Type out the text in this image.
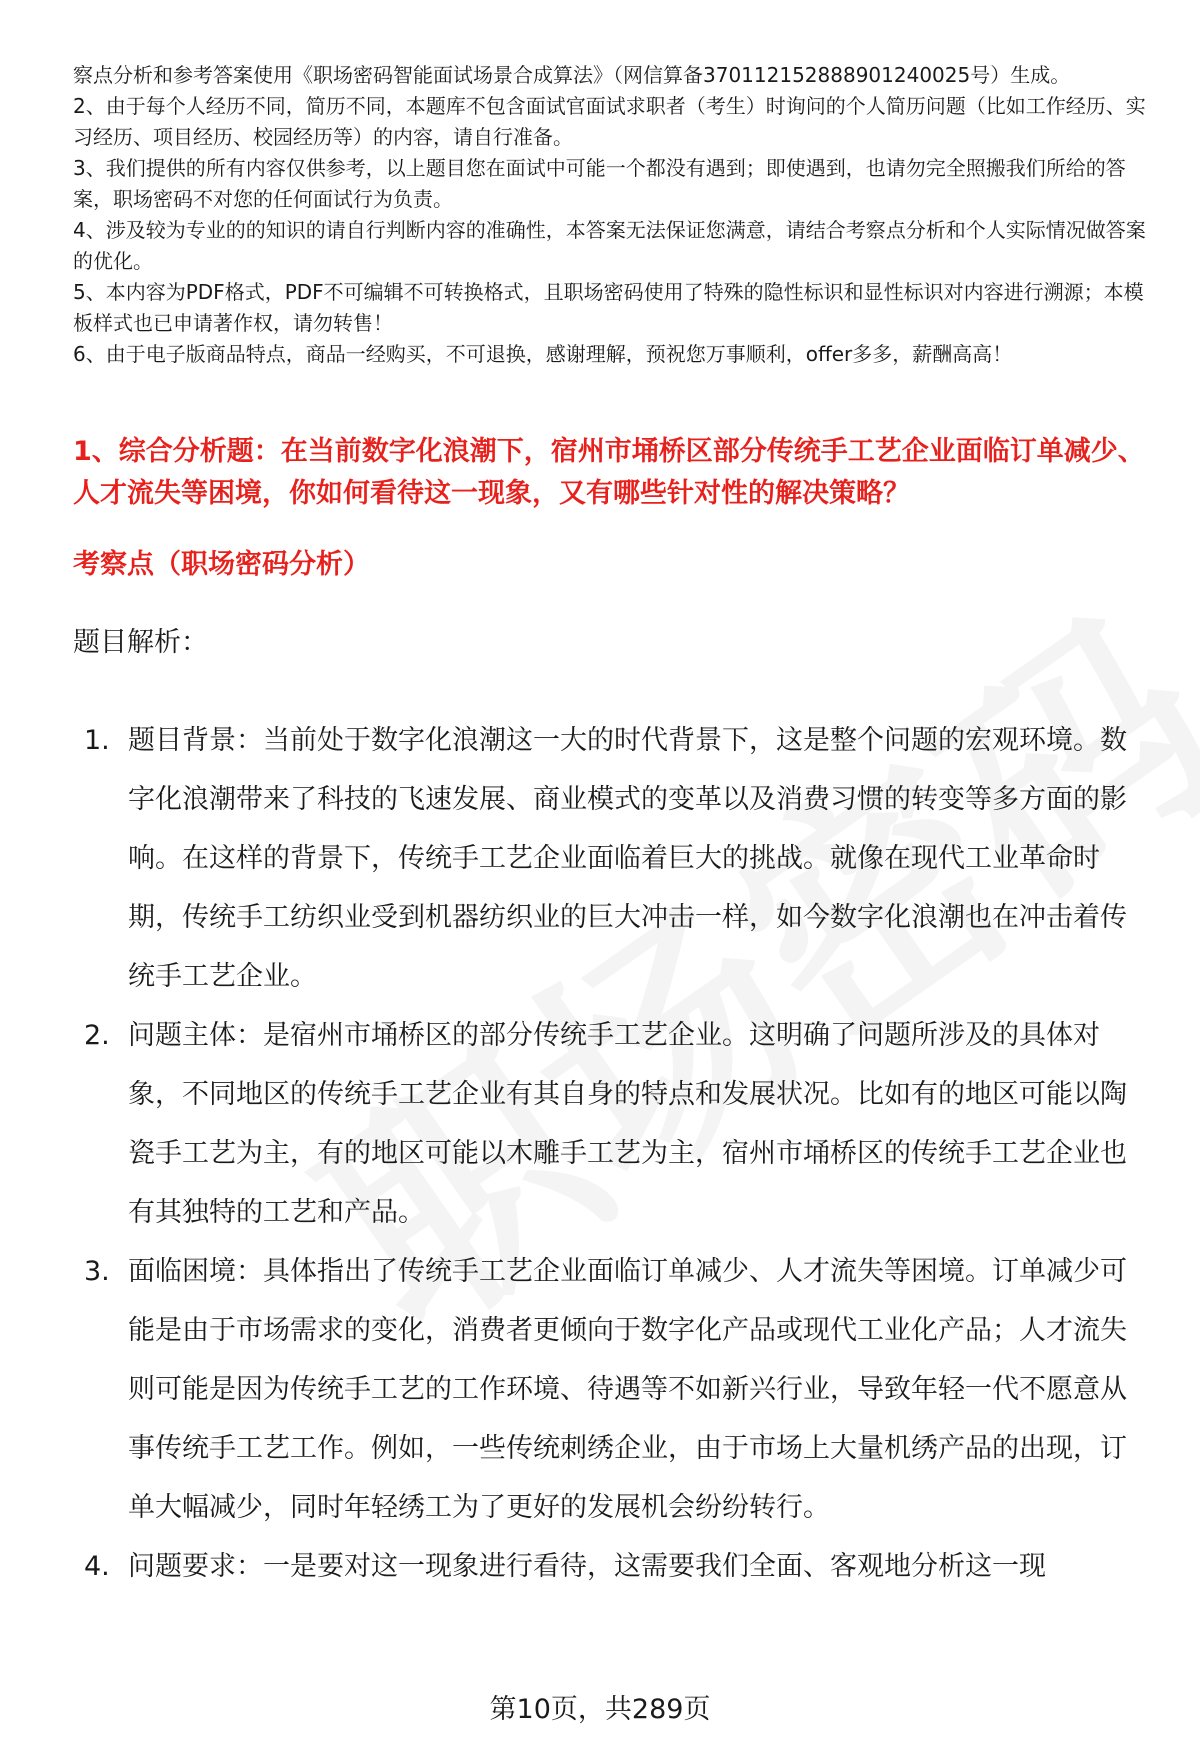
察点分析和参考答案使用《职场密码智能面试场景合成算法》（网信算备370112152888901240025号）生成。

2、由于每个人经历不同，简历不同，本题库不包含面试官面试求职者（考生）时询问的个人简历问题（比如工作经历、实习经历、项目经历、校园经历等）的内容，请自行准备。

3、我们提供的所有内容仅供参考，以上题目您在面试中可能一个都没有遇到；即使遇到，也请勿完全照搬我们所给的答案，职场密码不对您的任何面试行为负责。

4、涉及较为专业的的知识的请自行判断内容的准确性，本答案无法保证您满意，请结合考察点分析和个人实际情况做答案的优化。

5、本内容为PDF格式，PDF不可编辑不可转换格式，且职场密码使用了特殊的隐性标识和显性标识对内容进行溯源；本模板样式也已申请著作权，请勿转售！

6、由于电子版商品特点，商品一经购买，不可退换，感谢理解，预祝您万事顺利，offer多多，薪酬高高！

1、综合分析题：在当前数字化浪潮下，宿州市埇桥区部分传统手工艺企业面临订单减少、人才流失等困境，你如何看待这一现象，又有哪些针对性的解决策略？
考察点（职场密码分析）

题目解析：

1. 题目背景：当前处于数字化浪潮这一大的时代背景下，这是整个问题的宏观环境。数字化浪潮带来了科技的飞速发展、商业模式的变革以及消费习惯的转变等多方面的影响。在这样的背景下，传统手工艺企业面临着巨大的挑战。就像在现代工业革命时期，传统手工纺织业受到机器纺织业的巨大冲击一样，如今数字化浪潮也在冲击着传统手工艺企业。
2. 问题主体：是宿州市埇桥区的部分传统手工艺企业。这明确了问题所涉及的具体对象，不同地区的传统手工艺企业有其自身的特点和发展状况。比如有的地区可能以陶瓷手工艺为主，有的地区可能以木雕手工艺为主，宿州市埇桥区的传统手工艺企业也有其独特的工艺和产品。
3. 面临困境：具体指出了传统手工艺企业面临订单减少、人才流失等困境。订单减少可能是由于市场需求的变化，消费者更倾向于数字化产品或现代工业化产品；人才流失则可能是因为传统手工艺的工作环境、待遇等不如新兴行业，导致年轻一代不愿意从事传统手工艺工作。例如，一些传统刺绣企业，由于市场上大量机绣产品的出现，订单大幅减少，同时年轻绣工为了更好的发展机会纷纷转行。
4. 问题要求：一是要对这一现象进行看待，这需要我们全面、客观地分析这一现
第10页，共289页
